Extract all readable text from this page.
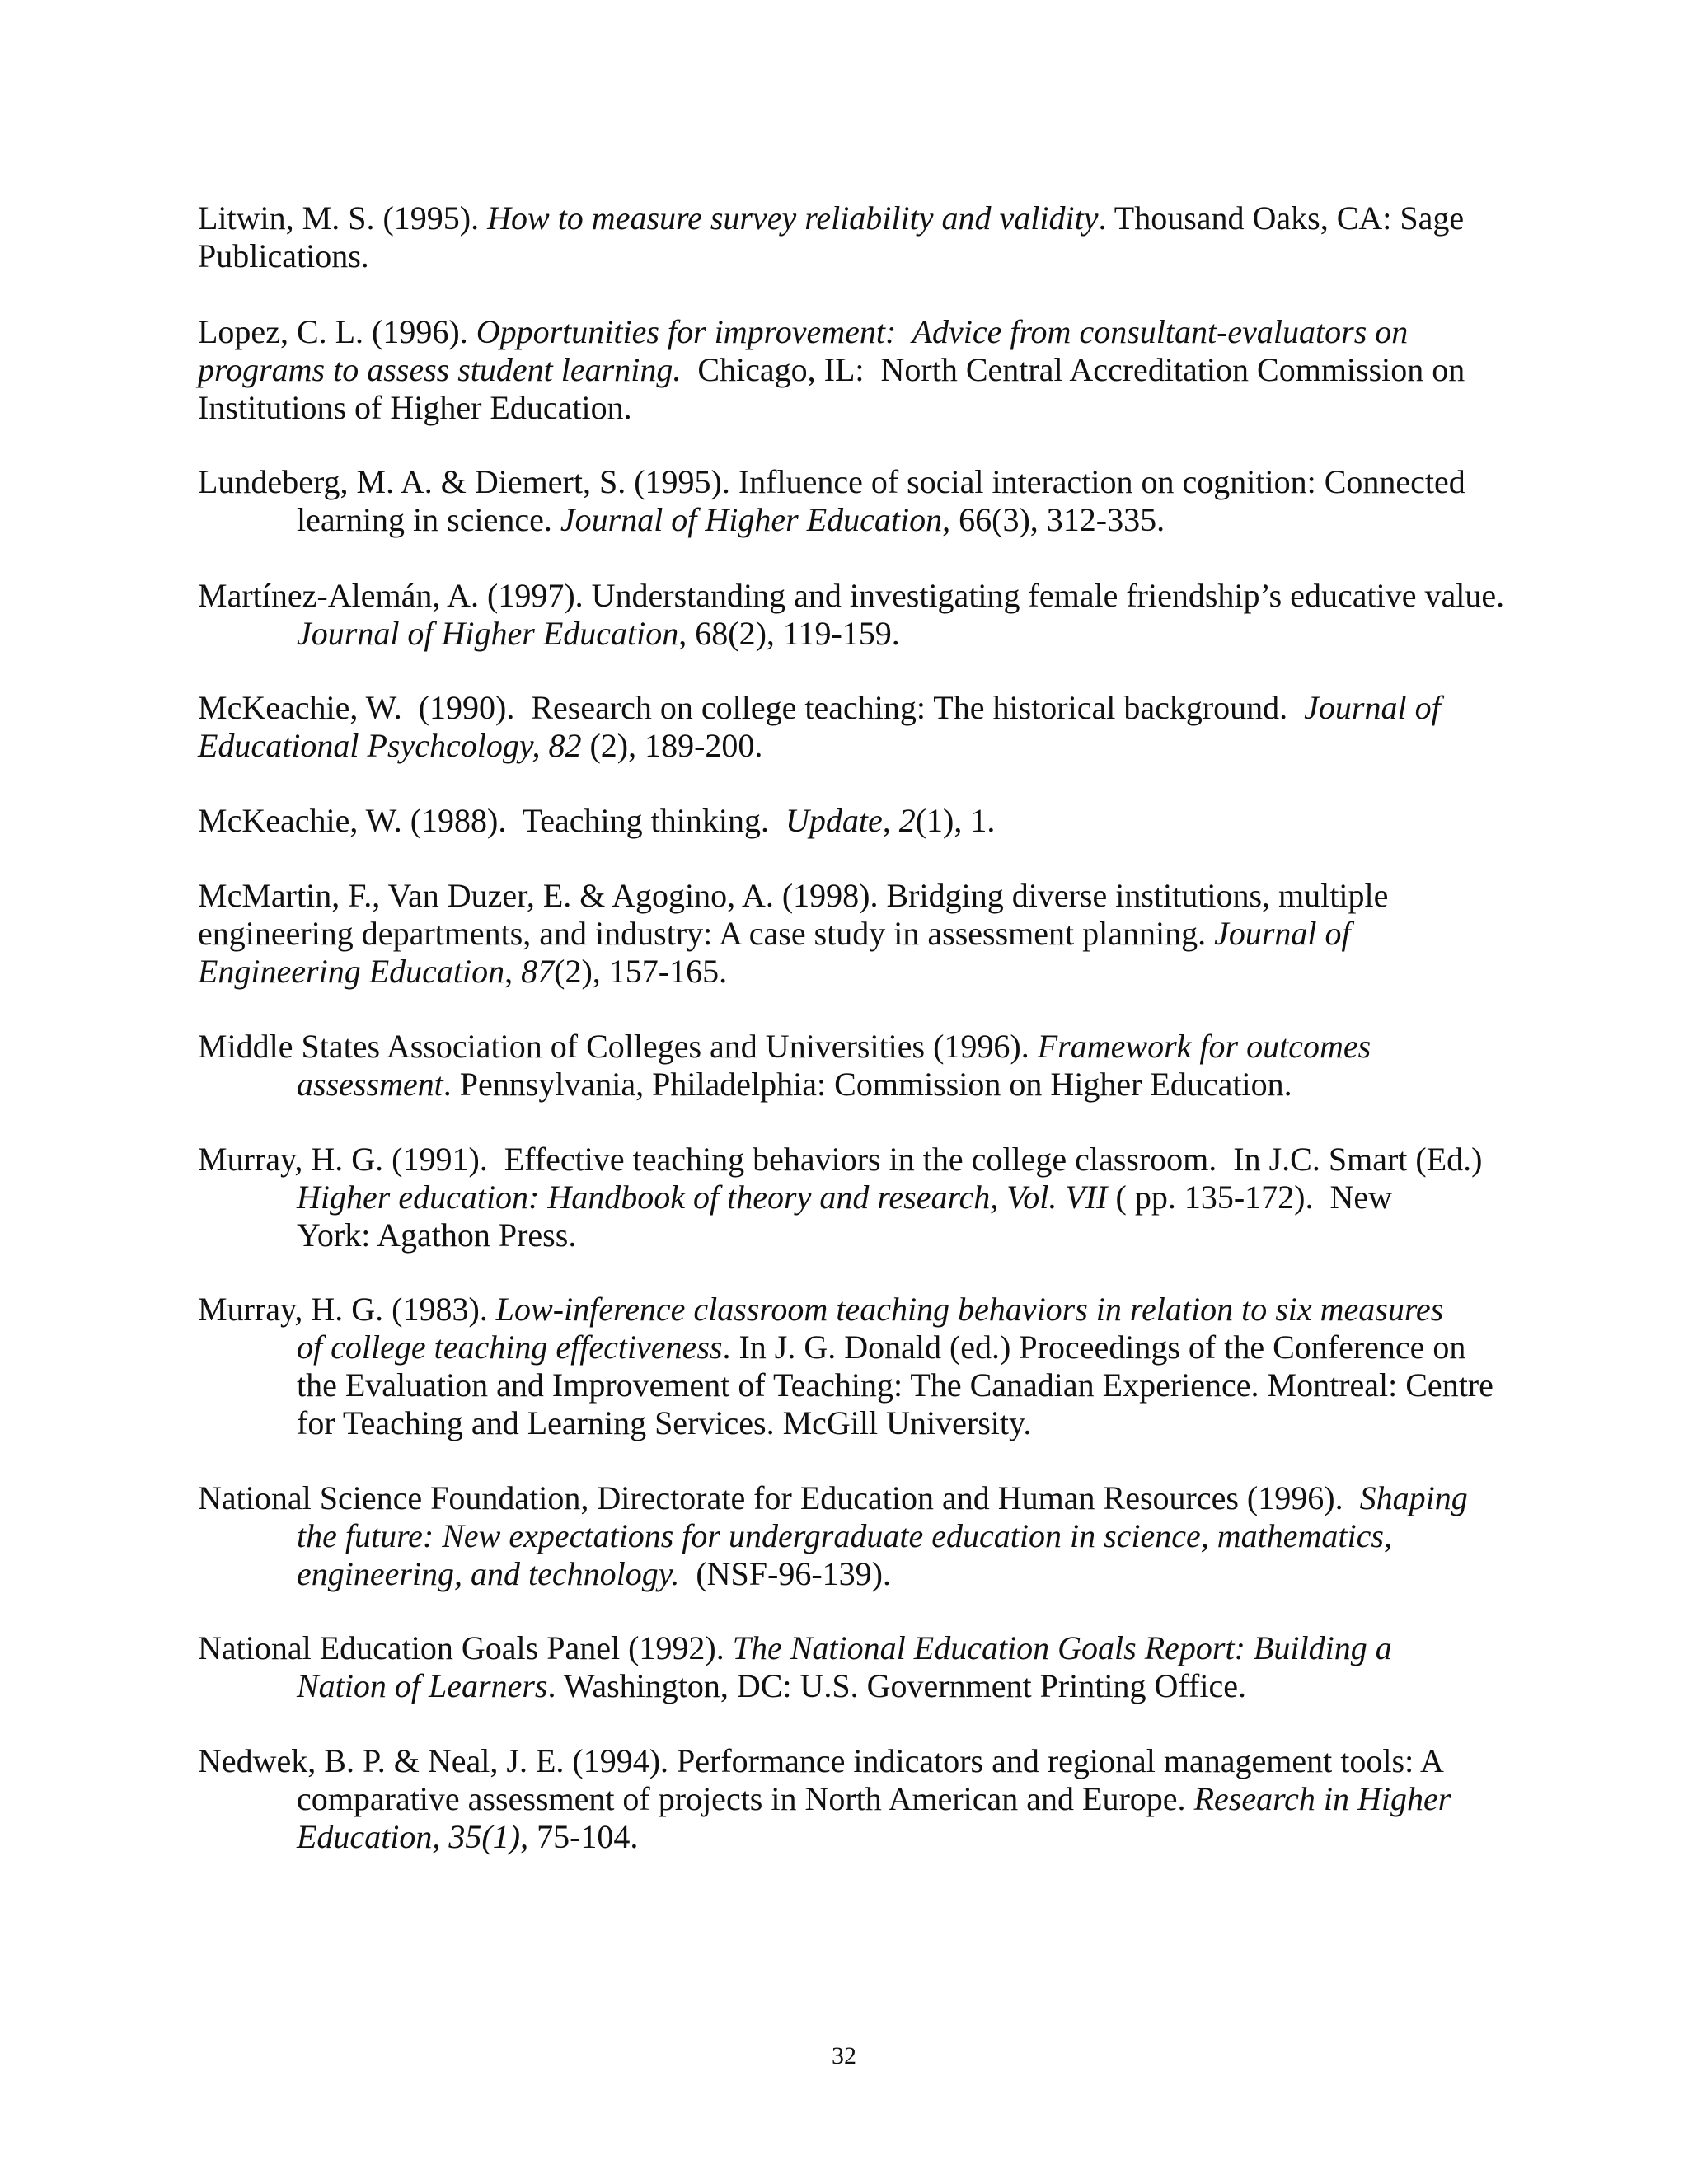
Litwin, M. S. (1995). How to measure survey reliability and validity. Thousand Oaks, CA: Sage
Publications.
Lopez, C. L. (1996). Opportunities for improvement:  Advice from consultant-evaluators on
programs to assess student learning.  Chicago, IL:  North Central Accreditation Commission on
Institutions of Higher Education.
Lundeberg, M. A. & Diemert, S. (1995). Influence of social interaction on cognition: Connected
learning in science. Journal of Higher Education, 66(3), 312-335.
Martínez-Alemán, A. (1997). Understanding and investigating female friendship’s educative value.
Journal of Higher Education, 68(2), 119-159.
McKeachie, W.  (1990).  Research on college teaching: The historical background.  Journal of
Educational Psychcology, 82 (2), 189-200.
McKeachie, W. (1988).  Teaching thinking.  Update, 2(1), 1.
McMartin, F., Van Duzer, E. & Agogino, A. (1998). Bridging diverse institutions, multiple
engineering departments, and industry: A case study in assessment planning. Journal of
Engineering Education, 87(2), 157-165.
Middle States Association of Colleges and Universities (1996). Framework for outcomes
assessment. Pennsylvania, Philadelphia: Commission on Higher Education.
Murray, H. G. (1991).  Effective teaching behaviors in the college classroom.  In J.C. Smart (Ed.)
Higher education: Handbook of theory and research, Vol. VII ( pp. 135-172).  New
York: Agathon Press.
Murray, H. G. (1983). Low-inference classroom teaching behaviors in relation to six measures
of college teaching effectiveness. In J. G. Donald (ed.) Proceedings of the Conference on
the Evaluation and Improvement of Teaching: The Canadian Experience. Montreal: Centre
for Teaching and Learning Services. McGill University.
National Science Foundation, Directorate for Education and Human Resources (1996).  Shaping
the future: New expectations for undergraduate education in science, mathematics,
engineering, and technology.  (NSF-96-139).
National Education Goals Panel (1992). The National Education Goals Report: Building a
Nation of Learners. Washington, DC: U.S. Government Printing Office.
Nedwek, B. P. & Neal, J. E. (1994). Performance indicators and regional management tools: A
comparative assessment of projects in North American and Europe. Research in Higher
Education, 35(1), 75-104.
32
